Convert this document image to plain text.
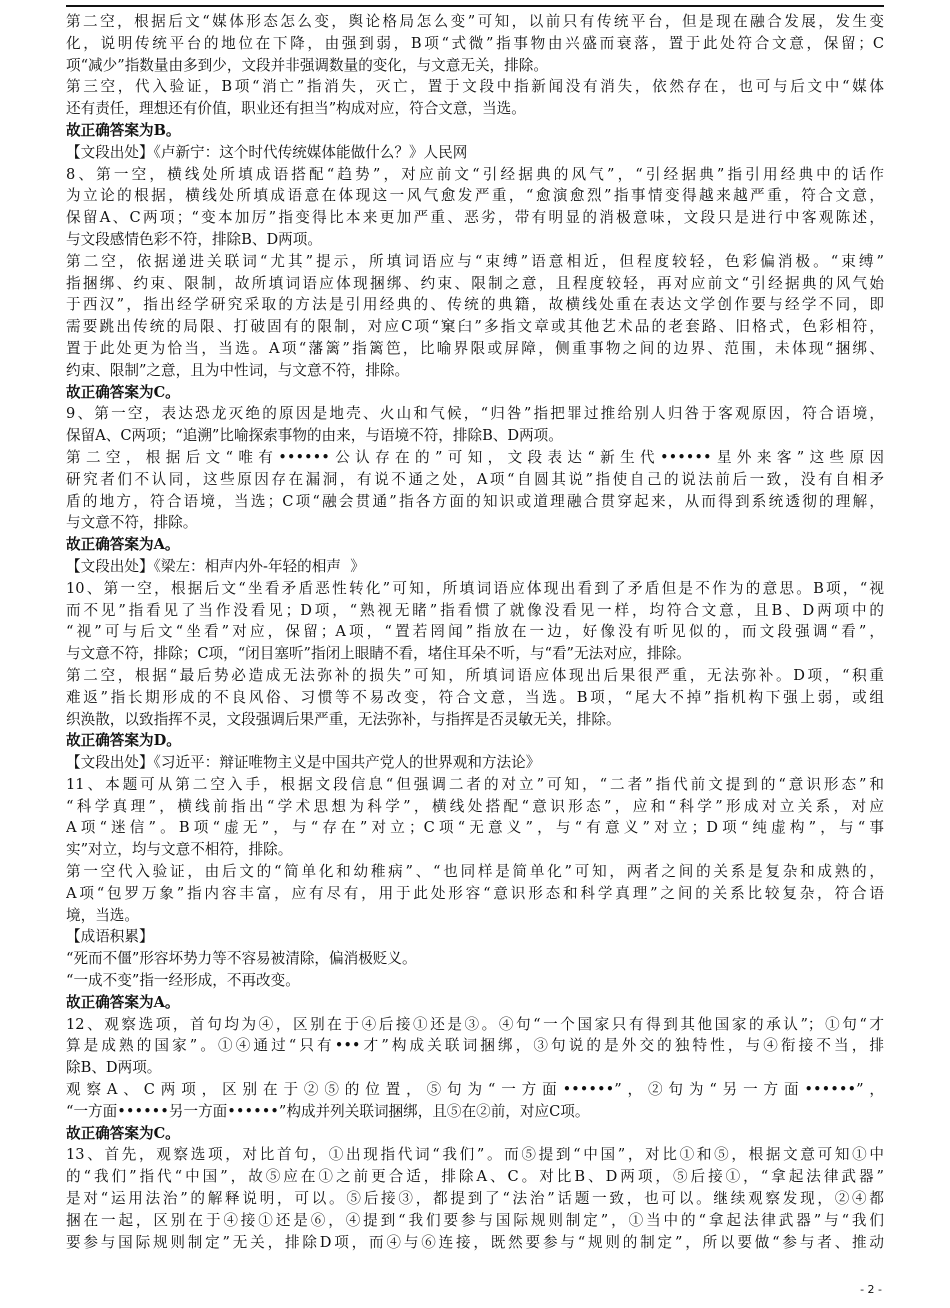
第二空，根据后文“媒体形态怎么变，舆论格局怎么变”可知，以前只有传统平台，但是现在融合发展，发生变
化，说明传统平台的地位在下降，由强到弱，B项“式微”指事物由兴盛而衰落，置于此处符合文意，保留；C
项“减少”指数量由多到少，文段并非强调数量的变化，与文意无关，排除。
第三空，代入验证，B项“消亡”指消失，灭亡，置于文段中指新闻没有消失，依然存在，也可与后文中“媒体
还有责任，理想还有价值，职业还有担当”构成对应，符合文意，当选。
故正确答案为B。
【文段出处】《卢新宁：这个时代传统媒体能做什么？》人民网
8、第一空，横线处所填成语搭配“趋势”，对应前文“引经据典的风气”，“引经据典”指引用经典中的话作
为立论的根据，横线处所填成语意在体现这一风气愈发严重，“愈演愈烈”指事情变得越来越严重，符合文意，
保留A、C两项；“变本加厉”指变得比本来更加严重、恶劣，带有明显的消极意味，文段只是进行中客观陈述，
与文段感情色彩不符，排除B、D两项。
第二空，依据递进关联词“尤其”提示，所填词语应与“束缚”语意相近，但程度较轻，色彩偏消极。“束缚”
指捆绑、约束、限制，故所填词语应体现捆绑、约束、限制之意，且程度较轻，再对应前文“引经据典的风气始
于西汉”，指出经学研究采取的方法是引用经典的、传统的典籍，故横线处重在表达文学创作要与经学不同，即
需要跳出传统的局限、打破固有的限制，对应C项“窠臼”多指文章或其他艺术品的老套路、旧格式，色彩相符，
置于此处更为恰当，当选。A项“藩篱”指篱笆，比喻界限或屏障，侧重事物之间的边界、范围，未体现“捆绑、
约束、限制”之意，且为中性词，与文意不符，排除。
故正确答案为C。
9、第一空，表达恐龙灭绝的原因是地壳、火山和气候，“归咎”指把罪过推给别人归咎于客观原因，符合语境，
保留A、C两项；“追溯”比喻探索事物的由来，与语境不符，排除B、D两项。
第二空，根据后文“唯有••••••公认存在的”可知，文段表达“新生代••••••星外来客”这些原因
研究者们不认同，这些原因存在漏洞，有说不通之处，A项“自圆其说”指使自己的说法前后一致，没有自相矛
盾的地方，符合语境，当选；C项“融会贯通”指各方面的知识或道理融合贯穿起来，从而得到系统透彻的理解，
与文意不符，排除。
故正确答案为A。
【文段出处】《梁左：相声内外-年轻的相声  》
10、第一空，根据后文“坐看矛盾恶性转化”可知，所填词语应体现出看到了矛盾但是不作为的意思。B项，“视
而不见”指看见了当作没看见；D项，“熟视无睹”指看惯了就像没看见一样，均符合文意，且B、D两项中的
“视”可与后文“坐看”对应，保留；A项，“置若罔闻”指放在一边，好像没有听见似的，而文段强调“看”，
与文意不符，排除；C项，“闭目塞听”指闭上眼睛不看，堵住耳朵不听，与“看”无法对应，排除。
第二空，根据“最后势必造成无法弥补的损失”可知，所填词语应体现出后果很严重，无法弥补。D项，“积重
难返”指长期形成的不良风俗、习惯等不易改变，符合文意，当选。B项，“尾大不掉”指机构下强上弱，或组
织涣散，以致指挥不灵，文段强调后果严重，无法弥补，与指挥是否灵敏无关，排除。
故正确答案为D。
【文段出处】《习近平：辩证唯物主义是中国共产党人的世界观和方法论》
11、本题可从第二空入手，根据文段信息“但强调二者的对立”可知，“二者”指代前文提到的“意识形态”和
“科学真理”，横线前指出“学术思想为科学”，横线处搭配“意识形态”，应和“科学”形成对立关系，对应
A项“迷信”。B项“虚无”，与“存在”对立；C项“无意义”，与“有意义”对立；D项“纯虚构”，与“事
实”对立，均与文意不相符，排除。
第一空代入验证，由后文的“简单化和幼稚病”、“也同样是简单化”可知，两者之间的关系是复杂和成熟的，
A项“包罗万象”指内容丰富，应有尽有，用于此处形容“意识形态和科学真理”之间的关系比较复杂，符合语
境，当选。
【成语积累】
“死而不僵”形容坏势力等不容易被清除，偏消极贬义。
“一成不变”指一经形成，不再改变。
故正确答案为A。
12、观察选项，首句均为④，区别在于④后接①还是③。④句“一个国家只有得到其他国家的承认”；①句“才
算是成熟的国家”。①④通过“只有•••才”构成关联词捆绑，③句说的是外交的独特性，与④衔接不当，排
除B、D两项。
观察A、C两项，区别在于②⑤的位置，⑤句为“一方面••••••”，②句为“另一方面••••••”，
“一方面••••••另一方面••••••”构成并列关联词捆绑，且⑤在②前，对应C项。
故正确答案为C。
13、首先，观察选项，对比首句，①出现指代词“我们”。而⑤提到“中国”，对比①和⑤，根据文意可知①中
的“我们”指代“中国”，故⑤应在①之前更合适，排除A、C。对比B、D两项，⑤后接①，“拿起法律武器”
是对“运用法治”的解释说明，可以。⑤后接③，都提到了“法治”话题一致，也可以。继续观察发现，②④都
捆在一起，区别在于④接①还是⑥，④提到“我们要参与国际规则制定”，①当中的“拿起法律武器”与“我们
要参与国际规则制定”无关，排除D项，而④与⑥连接，既然要参与“规则的制定”，所以要做“参与者、推动
- 2 -
